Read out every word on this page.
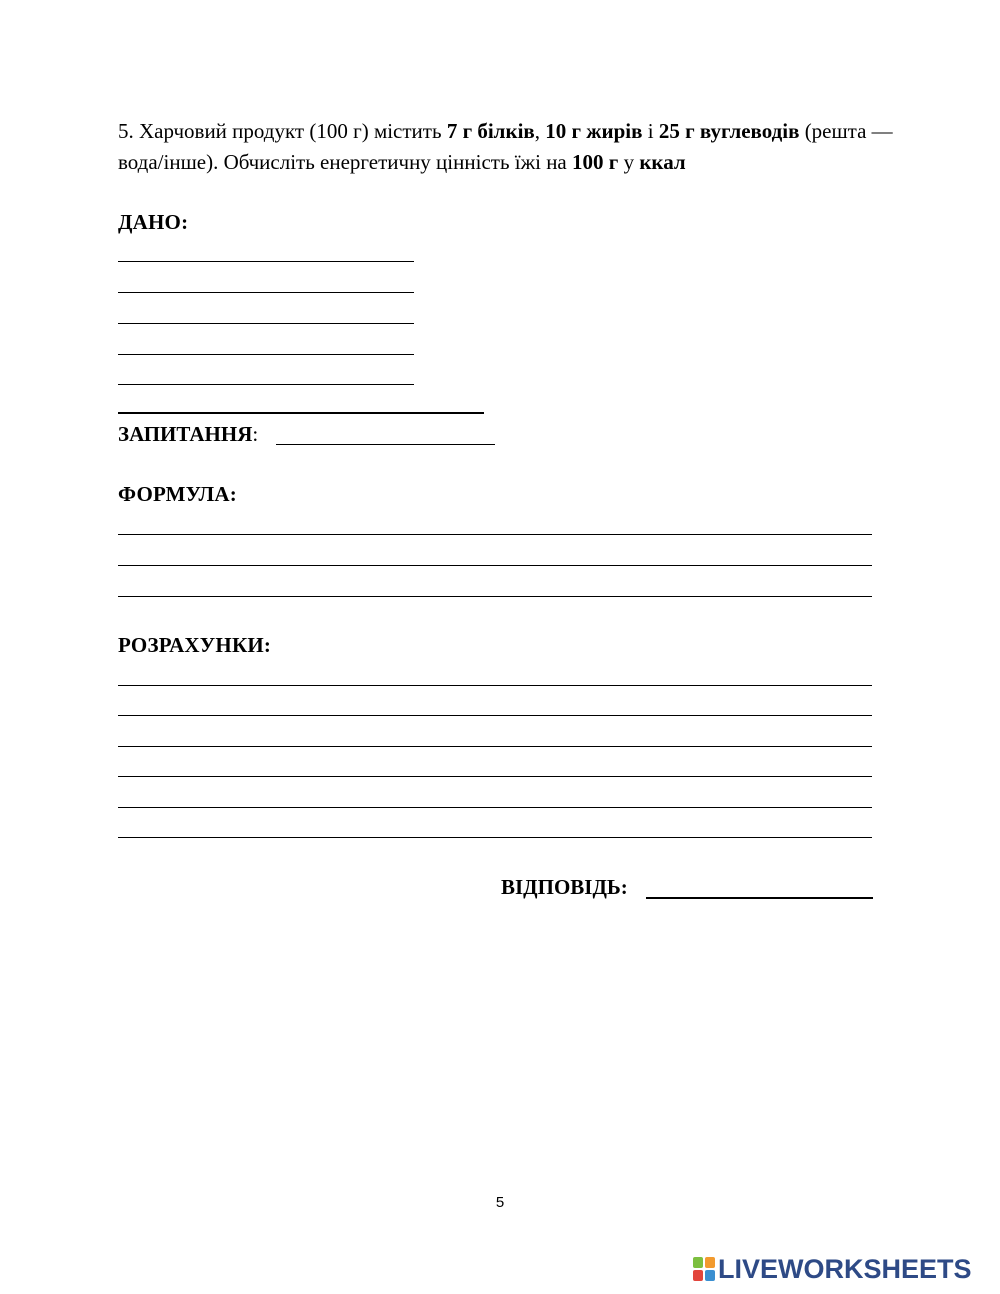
5. Харчовий продукт (100 г) містить 7 г білків, 10 г жирів і 25 г вуглеводів (решта — вода/інше). Обчисліть енергетичну цінність їжі на 100 г у ккал
ДАНО:
ЗАПИТАННЯ:
ФОРМУЛА:
РОЗРАХУНКИ:
ВІДПОВІДЬ:
5
LIVEWORKSHEETS
